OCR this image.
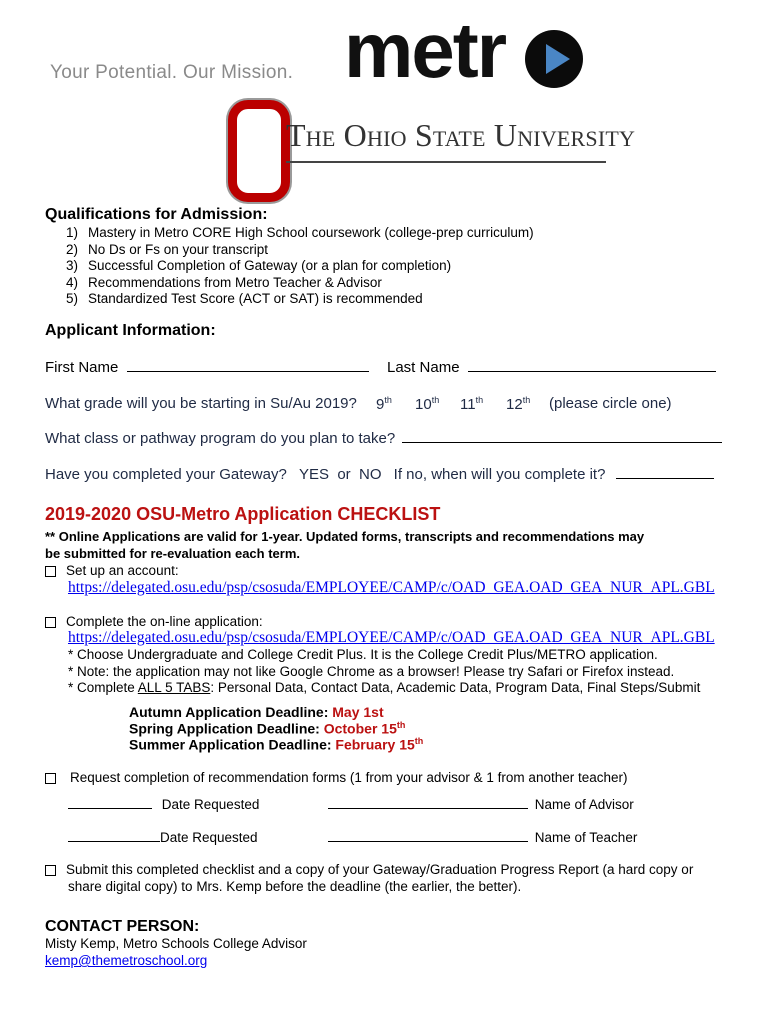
Your Potential. Our Mission. metr
The Ohio State University
Qualifications for Admission:
1) Mastery in Metro CORE High School coursework (college-prep curriculum)
2) No Ds or Fs on your transcript
3) Successful Completion of Gateway (or a plan for completion)
4) Recommendations from Metro Teacher & Advisor
5) Standardized Test Score (ACT or SAT) is recommended
Applicant Information:
First Name	Last Name
What grade will you be starting in Su/Au 2019? 9th 10th 11th 12th (please circle one)
What class or pathway program do you plan to take?
Have you completed your Gateway? YES  or  NO If no, when will you complete it?
2019-2020 OSU-Metro Application CHECKLIST
** Online Applications are valid for 1-year. Updated forms, transcripts and recommendations may
be submitted for re-evaluation each term.
Set up an account:
https://delegated.osu.edu/psp/csosuda/EMPLOYEE/CAMP/c/OAD_GEA.OAD_GEA_NUR_APL.GBL
Complete the on-line application:
https://delegated.osu.edu/psp/csosuda/EMPLOYEE/CAMP/c/OAD_GEA.OAD_GEA_NUR_APL.GBL
* Choose Undergraduate and College Credit Plus. It is the College Credit Plus/METRO application.
* Note: the application may not like Google Chrome as a browser! Please try Safari or Firefox instead.
* Complete ALL 5 TABS: Personal Data, Contact Data, Academic Data, Program Data, Final Steps/Submit
Autumn Application Deadline: May 1st
Spring Application Deadline: October 15th
Summer Application Deadline: February 15th
Request completion of recommendation forms (1 from your advisor & 1 from another teacher)
Date Requested	Name of Advisor
Date Requested	Name of Teacher
Submit this completed checklist and a copy of your Gateway/Graduation Progress Report (a hard copy or
share digital copy) to Mrs. Kemp before the deadline (the earlier, the better).
CONTACT PERSON:
Misty Kemp, Metro Schools College Advisor
kemp@themetroschool.org
